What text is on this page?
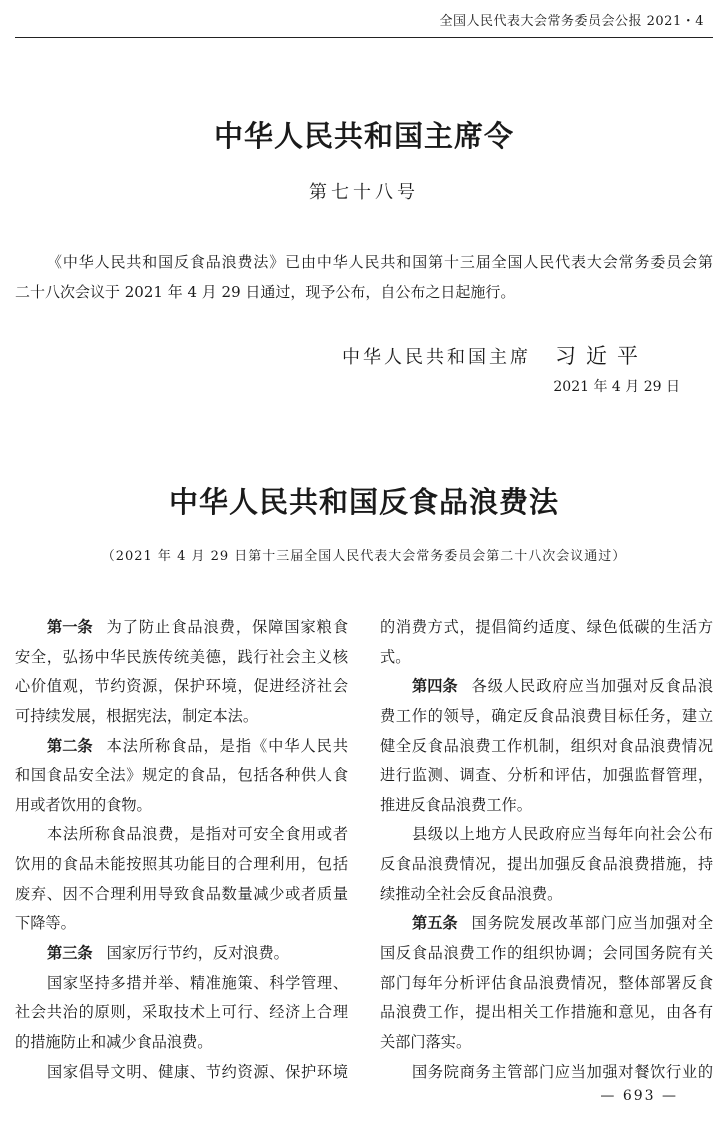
全国人民代表大会常务委员会公报 2021・4
中华人民共和国主席令
第七十八号
《中华人民共和国反食品浪费法》已由中华人民共和国第十三届全国人民代表大会常务委员会第
二十八次会议于 2021 年 4 月 29 日通过，现予公布，自公布之日起施行。
中华人民共和国主席 习近平
2021 年 4 月 29 日
中华人民共和国反食品浪费法
（2021 年 4 月 29 日第十三届全国人民代表大会常务委员会第二十八次会议通过）
第一条 为了防止食品浪费，保障国家粮食
安全，弘扬中华民族传统美德，践行社会主义核
心价值观，节约资源，保护环境，促进经济社会
可持续发展，根据宪法，制定本法。
第二条 本法所称食品，是指《中华人民共
和国食品安全法》规定的食品，包括各种供人食
用或者饮用的食物。
本法所称食品浪费，是指对可安全食用或者
饮用的食品未能按照其功能目的合理利用，包括
废弃、因不合理利用导致食品数量减少或者质量
下降等。
第三条 国家厉行节约，反对浪费。
国家坚持多措并举、精准施策、科学管理、
社会共治的原则，采取技术上可行、经济上合理
的措施防止和减少食品浪费。
国家倡导文明、健康、节约资源、保护环境
的消费方式，提倡简约适度、绿色低碳的生活方
式。
第四条 各级人民政府应当加强对反食品浪
费工作的领导，确定反食品浪费目标任务，建立
健全反食品浪费工作机制，组织对食品浪费情况
进行监测、调查、分析和评估，加强监督管理，
推进反食品浪费工作。
县级以上地方人民政府应当每年向社会公布
反食品浪费情况，提出加强反食品浪费措施，持
续推动全社会反食品浪费。
第五条 国务院发展改革部门应当加强对全
国反食品浪费工作的组织协调；会同国务院有关
部门每年分析评估食品浪费情况，整体部署反食
品浪费工作，提出相关工作措施和意见，由各有
关部门落实。
国务院商务主管部门应当加强对餐饮行业的
— 693 —
